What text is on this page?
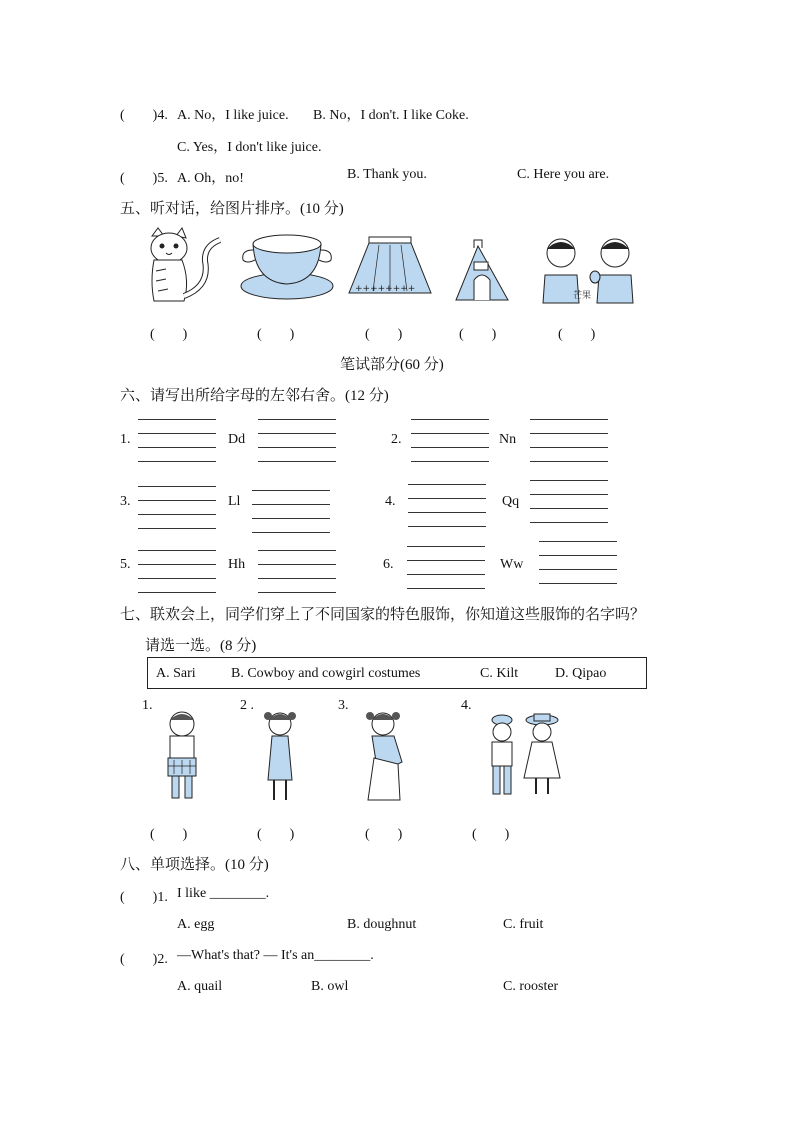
(　　)4. A. No，I like juice. B. No，I don't. I like Coke.
C. Yes，I don't like juice.
(　　)5. A. Oh，no!	B. Thank you.	C. Here you are.
五、听对话，给图片排序。(10 分)
++++++++
芒果
(　　)	(　　)	(　　)	(　　)	(　　)
笔试部分(60 分)
六、请写出所给字母的左邻右舍。(12 分)
1.	Dd	2.	Nn
3.	Ll	4.	Qq
5.	Hh	6.	Ww
七、联欢会上，同学们穿上了不同国家的特色服饰，你知道这些服饰的名字吗？
请选一选。(8 分)
A. Sari	B. Cowboy and cowgirl costumes	C. Kilt	D. Qipao
1.	2 .	3.	4.
(　　)	(　　)	(　　)	(　　)
八、单项选择。(10 分)
(　　)1. I like ________.
A. egg	B. doughnut	C. fruit
(　　)2. —What's that? — It's an________.
A. quail	B. owl	C. rooster
